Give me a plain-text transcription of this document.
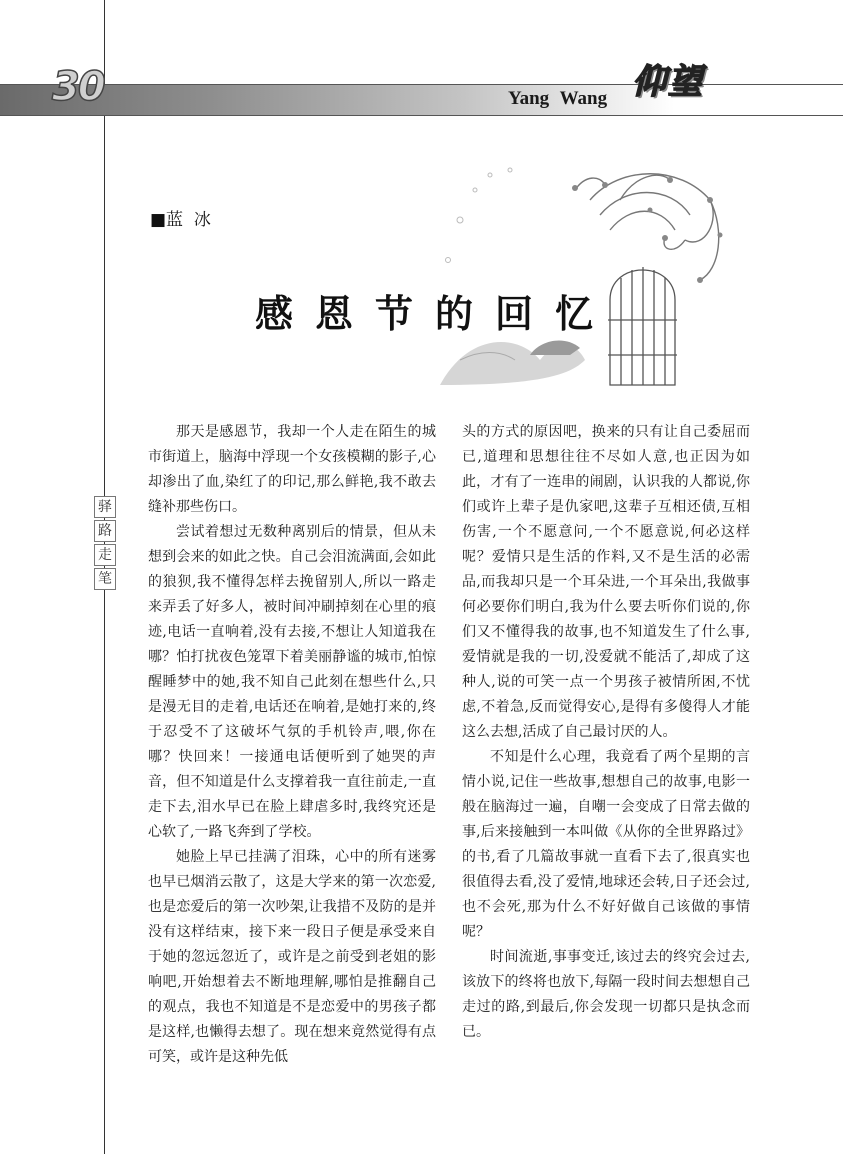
30	Yang Wang 仰望
驿
路
走
笔
■蓝  冰
感恩节的回忆

那天是感恩节，我却一个人走在陌生的城市街道上，脑海中浮现一个女孩模糊的影子,心却渗出了血,染红了的印记,那么鲜艳,我不敢去缝补那些伤口。

尝试着想过无数种离别后的情景，但从未想到会来的如此之快。自己会泪流满面,会如此的狼狈,我不懂得怎样去挽留别人,所以一路走来弄丢了好多人，被时间冲刷掉刻在心里的痕迹,电话一直响着,没有去接,不想让人知道我在哪？怕打扰夜色笼罩下着美丽静谧的城市,怕惊醒睡梦中的她,我不知自己此刻在想些什么,只是漫无目的走着,电话还在响着,是她打来的,终于忍受不了这破坏气氛的手机铃声,喂,你在哪？快回来！一接通电话便听到了她哭的声音，但不知道是什么支撑着我一直往前走,一直走下去,泪水早已在脸上肆虐多时,我终究还是心软了,一路飞奔到了学校。

她脸上早已挂满了泪珠，心中的所有迷雾也早已烟消云散了，这是大学来的第一次恋爱,也是恋爱后的第一次吵架,让我措不及防的是并没有这样结束，接下来一段日子便是承受来自于她的忽远忽近了，或许是之前受到老姐的影响吧,开始想着去不断地理解,哪怕是推翻自己的观点，我也不知道是不是恋爱中的男孩子都是这样,也懒得去想了。现在想来竟然觉得有点可笑，或许是这种先低

头的方式的原因吧，换来的只有让自己委屈而已,道理和思想往往不尽如人意,也正因为如此，才有了一连串的闹剧，认识我的人都说,你们或许上辈子是仇家吧,这辈子互相还债,互相伤害,一个不愿意问,一个不愿意说,何必这样呢？爱情只是生活的作料,又不是生活的必需品,而我却只是一个耳朵进,一个耳朵出,我做事何必要你们明白,我为什么要去听你们说的,你们又不懂得我的故事,也不知道发生了什么事,爱情就是我的一切,没爱就不能活了,却成了这种人,说的可笑一点一个男孩子被情所困,不忧虑,不着急,反而觉得安心,是得有多傻得人才能这么去想,活成了自己最讨厌的人。

不知是什么心理，我竟看了两个星期的言情小说,记住一些故事,想想自己的故事,电影一般在脑海过一遍，自嘲一会变成了日常去做的事,后来接触到一本叫做《从你的全世界路过》的书,看了几篇故事就一直看下去了,很真实也很值得去看,没了爱情,地球还会转,日子还会过,也不会死,那为什么不好好做自己该做的事情呢？

时间流逝,事事变迁,该过去的终究会过去,该放下的终将也放下,每隔一段时间去想想自己走过的路,到最后,你会发现一切都只是执念而已。
